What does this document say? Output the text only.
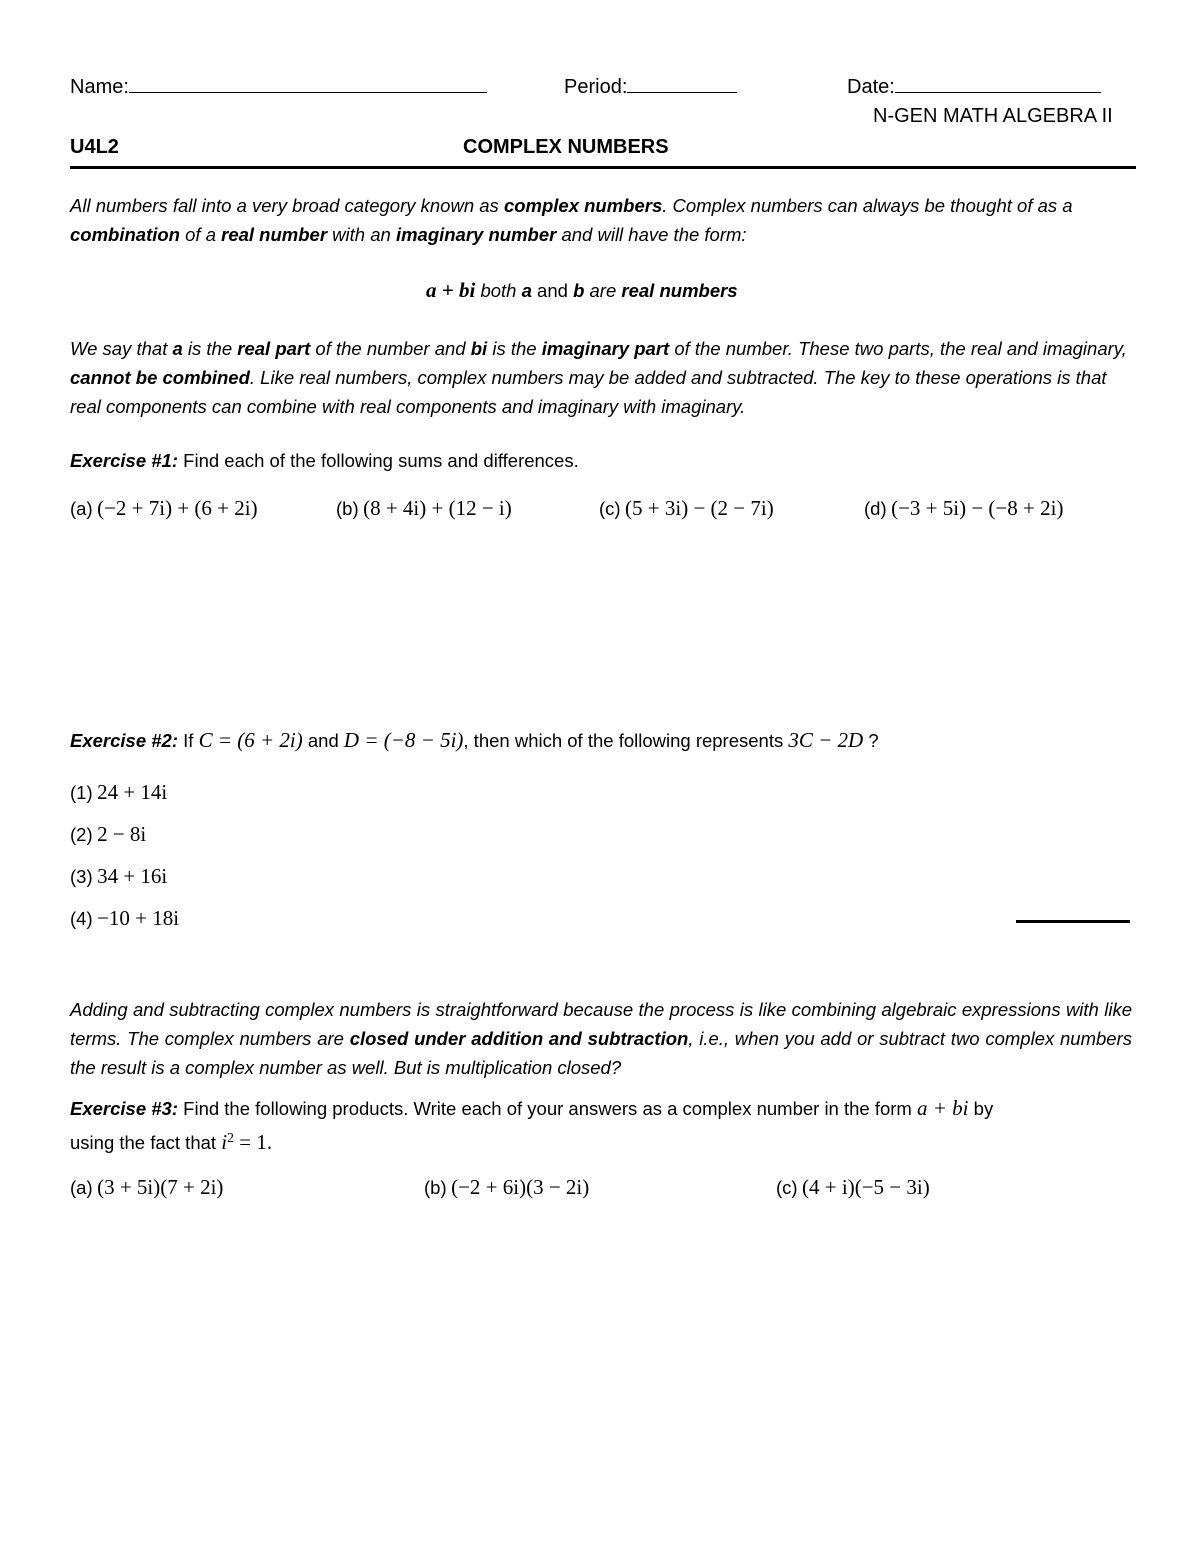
Name:	Period:	Date:
N-GEN MATH ALGEBRA II
U4L2	COMPLEX NUMBERS
All numbers fall into a very broad category known as complex numbers. Complex numbers can always be thought of as a combination of a real number with an imaginary number and will have the form:
a + bi both a and b are real numbers
We say that a is the real part of the number and bi is the imaginary part of the number. These two parts, the real and imaginary, cannot be combined. Like real numbers, complex numbers may be added and subtracted. The key to these operations is that real components can combine with real components and imaginary with imaginary.
Exercise #1: Find each of the following sums and differences.
(a) (−2 + 7i) + (6 + 2i)	(b) (8 + 4i) + (12 − i)	(c) (5 + 3i) − (2 − 7i)	(d) (−3 + 5i) − (−8 + 2i)
Exercise #2: If C = (6 + 2i) and D = (−8 − 5i), then which of the following represents 3C − 2D ?
(1) 24 + 14i
(2) 2 − 8i
(3) 34 + 16i
(4) −10 + 18i
Adding and subtracting complex numbers is straightforward because the process is like combining algebraic expressions with like terms. The complex numbers are closed under addition and subtraction, i.e., when you add or subtract two complex numbers the result is a complex number as well. But is multiplication closed?
Exercise #3: Find the following products. Write each of your answers as a complex number in the form a + bi by
using the fact that $i^2 = 1$.
(a) (3 + 5i)(7 + 2i)	(b) (−2 + 6i)(3 − 2i)	(c) (4 + i)(−5 − 3i)
